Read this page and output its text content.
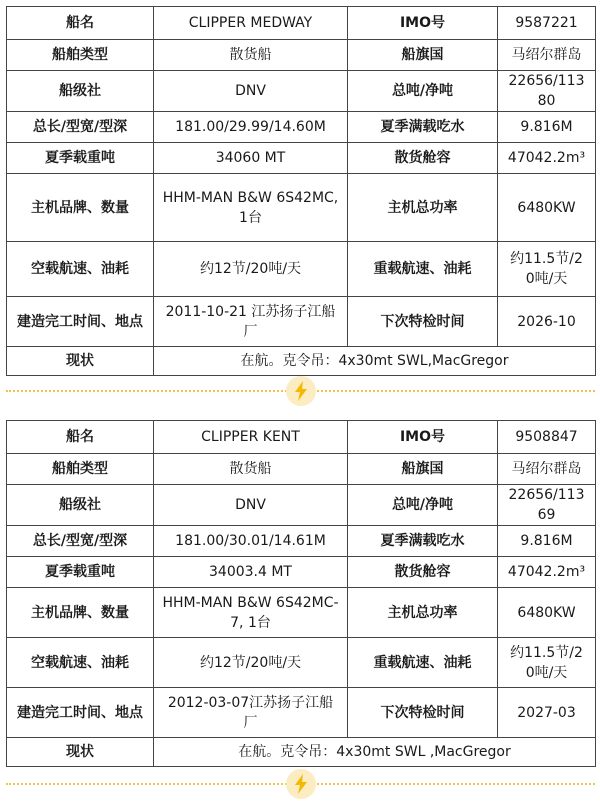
船名	CLIPPER MEDWAY	IMO号	9587221
船舶类型	散货船	船旗国	马绍尔群岛
船级社	DNV	总吨/净吨	22656/11380
总长/型宽/型深	181.00/29.99/14.60M	夏季满载吃水	9.816M
夏季载重吨	34060 MT	散货舱容	47042.2m³
主机品牌、数量	HHM-MAN B&W 6S42MC, 1台	主机总功率	6480KW
空载航速、油耗	约12节/20吨/天	重载航速、油耗	约11.5节/20吨/天
建造完工时间、地点	2011-10-21 江苏扬子江船厂	下次特检时间	2026-10
现状	在航。克令吊：4x30mt SWL,MacGregor		
船名	CLIPPER KENT	IMO号	9508847
船舶类型	散货船	船旗国	马绍尔群岛
船级社	DNV	总吨/净吨	22656/11369
总长/型宽/型深	181.00/30.01/14.61M	夏季满载吃水	9.816M
夏季载重吨	34003.4 MT	散货舱容	47042.2m³
主机品牌、数量	HHM-MAN B&W 6S42MC-7, 1台	主机总功率	6480KW
空载航速、油耗	约12节/20吨/天	重载航速、油耗	约11.5节/20吨/天
建造完工时间、地点	2012-03-07江苏扬子江船厂	下次特检时间	2027-03
现状	在航。克令吊：4x30mt SWL ,MacGregor		
